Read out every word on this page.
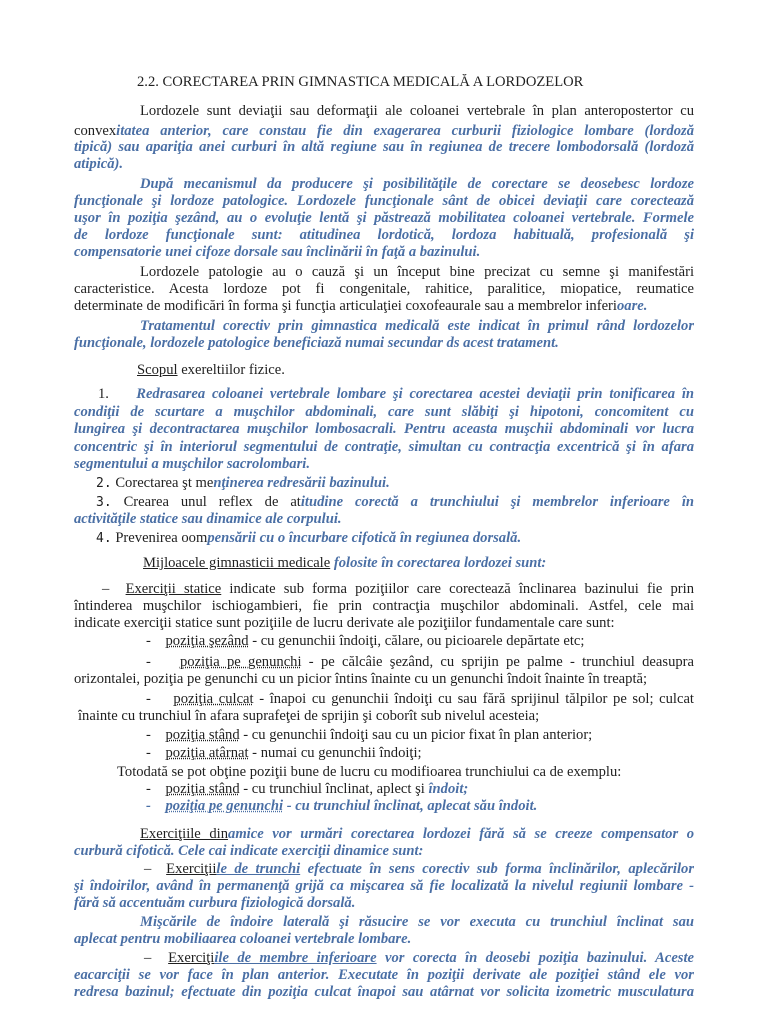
2.2. CORECTAREA PRIN GIMNASTICA MEDICALĂ A LORDOZELOR
Lordozele sunt deviaţii sau deformaţii ale coloanei vertebrale în plan anteropostertor cu
convexitatea anterior, care constau fie din exagerarea curburii fiziologice lombare (lordoză
tipică) sau apariţia anei curburi în altă regiune sau în regiunea de trecere lombodorsală (lordoză
atipică).
După mecanismul da producere şi posibilităţile de corectare se deosebesc lordoze
funcţionale şi lordoze patologice. Lordozele funcţionale sânt de obicei deviaţii care corectează
uşor în poziţia şezând, au o evoluţie lentă şi păstrează mobilitatea coloanei vertebrale. Formele
de lordoze funcţionale sunt: atitudinea lordotică, lordoza habituală, profesională şi
compensatorie unei cifoze dorsale sau înclinării în faţă a bazinului.
Lordozele patologie au o cauză şi un început bine precizat cu semne şi manifestări
caracteristice. Acesta lordoze pot fi congenitale, rahitice, paralitice, miopatice, reumatice
determinate de modificări în forma şi funcţia articulaţiei coxofeaurale sau a membrelor inferioare.
Tratamentul corectiv prin gimnastica medicală este indicat în primul rând lordozelor
funcţionale, lordozele patologice beneficiază numai secundar ds acest tratament.
Scopul exereltiilor fizice.
1. Redrasarea coloanei vertebrale lombare şi corectarea acestei deviaţii prin tonificarea în
condiţii de scurtare a muşchilor abdominali, care sunt slăbiţi şi hipotoni, concomitent cu
lungirea şi decontractarea muşchilor lombosacrali. Pentru aceasta muşchii abdominali vor lucra
concentric şi în interiorul segmentului de contraţie, simultan cu contracţia excentrică şi în afara
segmentului a muşchilor sacrolombari.
2. Corectarea şt menţinerea redresării bazinului.
3. Crearea unul reflex de atitudine corectă a trunchiului şi membrelor inferioare în
activităţile statice sau dinamice ale corpului.
4. Prevenirea oompensării cu o încurbare cifotică în regiunea dorsală.
Mijloacele gimnasticii medicale folosite în corectarea lordozei sunt:
– Exerciţii statice indicate sub forma poziţiilor care corectează înclinarea bazinului fie prin
întinderea muşchilor ischiogambieri, fie prin contracţia muşchilor abdominali. Astfel, cele mai
indicate exerciţii statice sunt poziţiile de lucru derivate ale poziţiilor fundamentale care sunt:
-    poziţia şezând - cu genunchii îndoiţi, călare, ou picioarele depărtate etc;
-    poziţia pe genunchi - pe călcâie şezând, cu sprijin pe palme - trunchiul deasupra
orizontalei, poziţia pe genunchi cu un picior întins înainte cu un genunchi îndoit înainte în treaptă;
-    poziţia culcat - înapoi cu genunchii îndoiţi cu sau fără sprijinul tălpilor pe sol; culcat
înainte cu trunchiul în afara suprafeţei de sprijin şi coborît sub nivelul acesteia;
-    poziţia stând - cu genunchii îndoiţi sau cu un picior fixat în plan anterior;
-    poziţia atârnat - numai cu genunchii îndoiţi;
Totodată se pot obţine poziţii bune de lucru cu modifioarea trunchiului ca de exemplu:
-    poziţia stând - cu trunchiul înclinat, aplect şi îndoit;
-    poziţia pe genunchi - cu trunchiul înclinat, aplecat său îndoit.
Exerciţiile dinamice vor urmări corectarea lordozei fără să se creeze compensator o
curbură cifotică. Cele cai indicate exerciţii dinamice sunt:
– Exerciţiile de trunchi efectuate în sens corectiv sub forma înclinărilor, aplecărilor
şi îndoirilor, având în permanenţă grijă ca mişcarea să fie localizată la nivelul regiunii lombare -
fără să accentuăm curbura fiziologică dorsală.
Mişcările de îndoire laterală şi răsucire se vor executa cu trunchiul înclinat sau
aplecat pentru mobiliaarea coloanei vertebrale lombare.
– Exerciţiile de membre inferioare vor corecta în deosebi poziţia bazinului. Aceste
eacarciţii se vor face în plan anterior. Executate în poziţii derivate ale poziţiei stând ele vor
redresa bazinul; efectuate din poziţia culcat înapoi sau atârnat vor solicita izometric musculatura
